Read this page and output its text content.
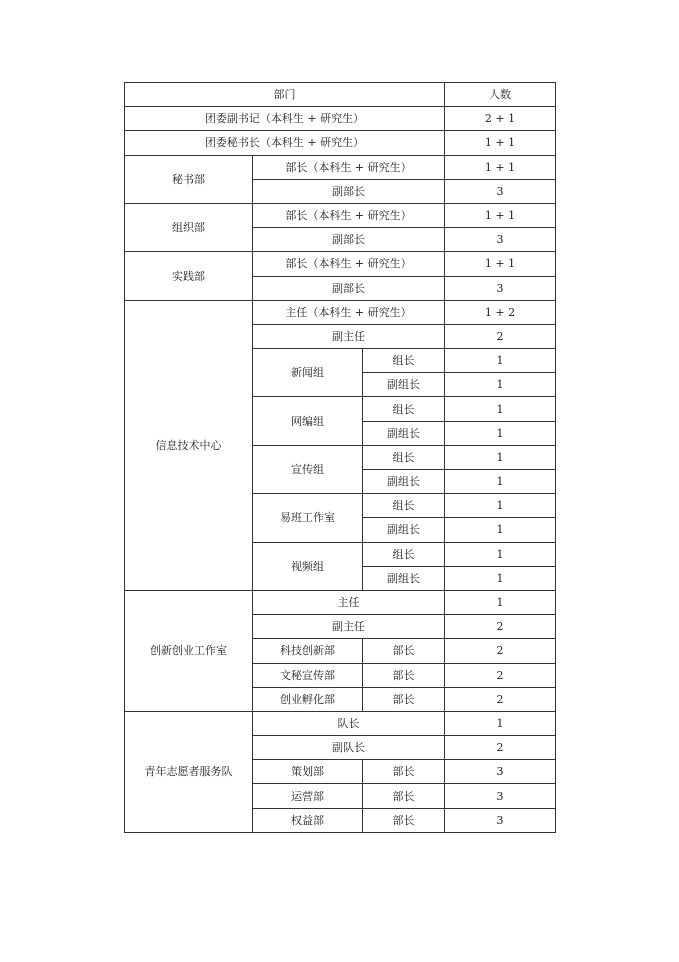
部门			人数
团委副书记（本科生 + 研究生）			2 + 1
团委秘书长（本科生 + 研究生）			1 + 1
秘书部	部长（本科生 + 研究生）		1 + 1
	副部长		3
组织部	部长（本科生 + 研究生）		1 + 1
	副部长		3
实践部	部长（本科生 + 研究生）		1 + 1
	副部长		3
信息技术中心	主任（本科生 + 研究生）		1 + 2
	副主任		2
	新闻组	组长	1
		副组长	1
	网编组	组长	1
		副组长	1
	宣传组	组长	1
		副组长	1
	易班工作室	组长	1
		副组长	1
	视频组	组长	1
		副组长	1
创新创业工作室	主任		1
	副主任		2
	科技创新部	部长	2
	文秘宣传部	部长	2
	创业孵化部	部长	2
青年志愿者服务队	队长		1
	副队长		2
	策划部	部长	3
	运营部	部长	3
	权益部	部长	3
